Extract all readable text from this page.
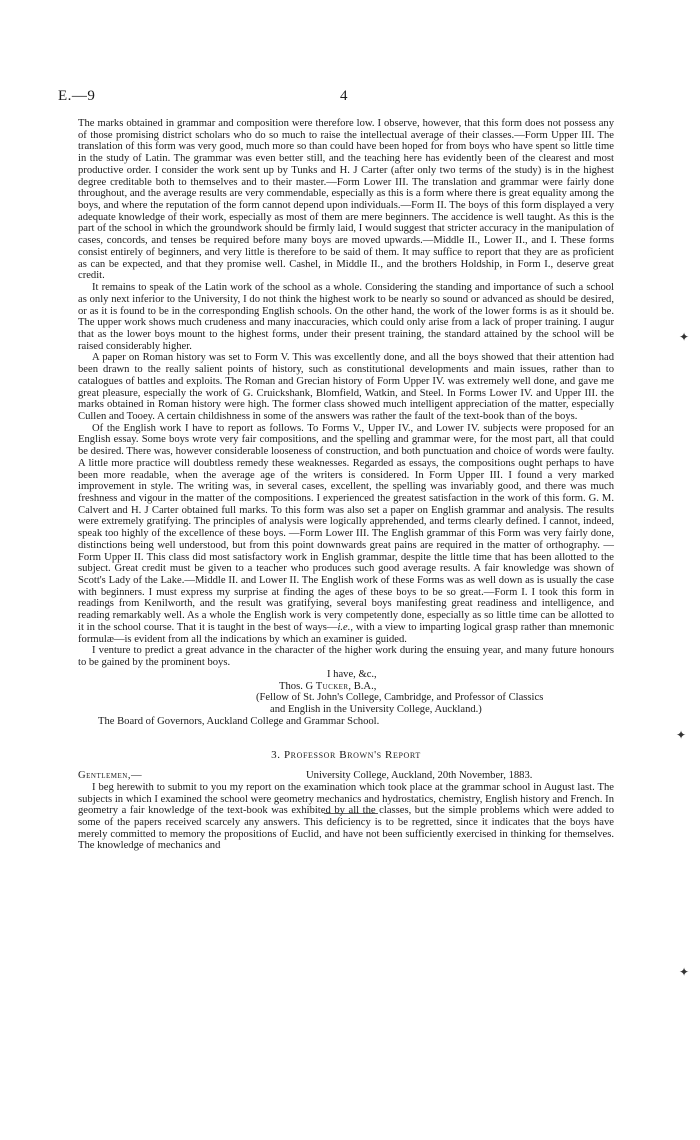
E.—9	4

The marks obtained in grammar and composition were therefore low. I observe, however, that this form does not possess any of those promising district scholars who do so much to raise the intellectual average of their classes.—Form Upper III. The translation of this form was very good, much more so than could have been hoped for from boys who have spent so little time in the study of Latin. The grammar was even better still, and the teaching here has evidently been of the clearest and most productive order. I consider the work sent up by Tunks and H. J Carter (after only two terms of the study) is in the highest degree creditable both to themselves and to their master.—Form Lower III. The translation and grammar were fairly done throughout, and the average results are very commendable, especially as this is a form where there is great equality among the boys, and where the reputation of the form cannot depend upon individuals.—Form II. The boys of this form displayed a very adequate knowledge of their work, especially as most of them are mere beginners. The accidence is well taught. As this is the part of the school in which the groundwork should be firmly laid, I would suggest that stricter accuracy in the manipulation of cases, concords, and tenses be required before many boys are moved upwards.—Middle II., Lower II., and I. These forms consist entirely of beginners, and very little is therefore to be said of them. It may suffice to report that they are as proficient as can be expected, and that they promise well. Cashel, in Middle II., and the brothers Holdship, in Form I., deserve great credit.

It remains to speak of the Latin work of the school as a whole. Considering the standing and importance of such a school as only next inferior to the University, I do not think the highest work to be nearly so sound or advanced as should be desired, or as it is found to be in the corresponding English schools. On the other hand, the work of the lower forms is as it should be. The upper work shows much crudeness and many inaccuracies, which could only arise from a lack of proper training. I augur that as the lower boys mount to the highest forms, under their present training, the standard attained by the school will be raised considerably higher.

A paper on Roman history was set to Form V. This was excellently done, and all the boys showed that their attention had been drawn to the really salient points of history, such as constitutional developments and main issues, rather than to catalogues of battles and exploits. The Roman and Grecian history of Form Upper IV. was extremely well done, and gave me great pleasure, especially the work of G. Cruickshank, Blomfield, Watkin, and Steel. In Forms Lower IV. and Upper III. the marks obtained in Roman history were high. The former class showed much intelligent appreciation of the matter, especially Cullen and Tooey. A certain childishness in some of the answers was rather the fault of the text-book than of the boys.

Of the English work I have to report as follows. To Forms V., Upper IV., and Lower IV. subjects were proposed for an English essay. Some boys wrote very fair compositions, and the spelling and grammar were, for the most part, all that could be desired. There was, however considerable looseness of construction, and both punctuation and choice of words were faulty. A little more practice will doubtless remedy these weaknesses. Regarded as essays, the compositions ought perhaps to have been more readable, when the average age of the writers is considered. In Form Upper III. I found a very marked improvement in style. The writing was, in several cases, excellent, the spelling was invariably good, and there was much freshness and vigour in the matter of the compositions. I experienced the greatest satisfaction in the work of this form. G. M. Calvert and H. J Carter obtained full marks. To this form was also set a paper on English grammar and analysis. The results were extremely gratifying. The principles of analysis were logically apprehended, and terms clearly defined. I cannot, indeed, speak too highly of the excellence of these boys. —Form Lower III. The English grammar of this Form was very fairly done, distinctions being well understood, but from this point downwards great pains are required in the matter of orthography. —Form Upper II. This class did most satisfactory work in English grammar, despite the little time that has been allotted to the subject. Great credit must be given to a teacher who produces such good average results. A fair knowledge was shown of Scott's Lady of the Lake.—Middle II. and Lower II. The English work of these Forms was as well down as is usually the case with beginners. I must express my surprise at finding the ages of these boys to be so great.—Form I. I took this form in readings from Kenilworth, and the result was gratifying, several boys manifesting great readiness and intelligence, and reading remarkably well. As a whole the English work is very competently done, especially as so little time can be allotted to it in the school course. That it is taught in the best of ways—i.e., with a view to imparting logical grasp rather than mnemonic formulæ—is evident from all the indications by which an examiner is guided.

I venture to predict a great advance in the character of the higher work during the ensuing year, and many future honours to be gained by the prominent boys.

I have, &c.,

Thos. G Tucker, B.A.,

(Fellow of St. John's College, Cambridge, and Professor of Classics

and English in the University College, Auckland.)

The Board of Governors, Auckland College and Grammar School.

3. Professor Brown's Report

Gentlemen,—	University College, Auckland, 20th November, 1883.

I beg herewith to submit to you my report on the examination which took place at the grammar school in August last. The subjects in which I examined the school were geometry mechanics and hydrostatics, chemistry, English history and French. In geometry a fair knowledge of the text-book was exhibited by all the classes, but the simple problems which were added to some of the papers received scarcely any answers. This deficiency is to be regretted, since it indicates that the boys have merely committed to memory the propositions of Euclid, and have not been sufficiently exercised in thinking for themselves. The knowledge of mechanics and

✦
✦
✦
